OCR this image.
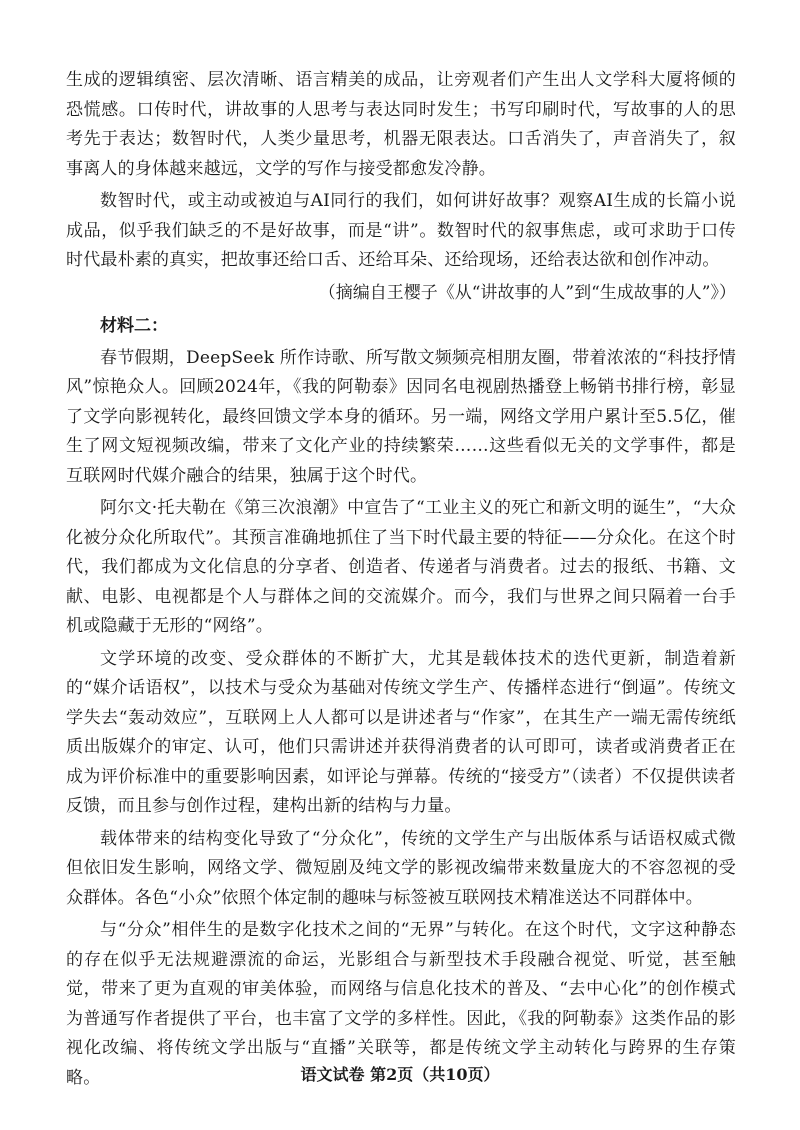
生成的逻辑缜密、层次清晰、语言精美的成品，让旁观者们产生出人文学科大厦将倾的恐慌感。口传时代，讲故事的人思考与表达同时发生；书写印刷时代，写故事的人的思考先于表达；数智时代，人类少量思考，机器无限表达。口舌消失了，声音消失了，叙事离人的身体越来越远，文学的写作与接受都愈发冷静。

数智时代，或主动或被迫与AI同行的我们，如何讲好故事？观察AI生成的长篇小说成品，似乎我们缺乏的不是好故事，而是“讲”。数智时代的叙事焦虑，或可求助于口传时代最朴素的真实，把故事还给口舌、还给耳朵、还给现场，还给表达欲和创作冲动。

（摘编自王樱子《从“讲故事的人”到“生成故事的人”》）

材料二：

春节假期，DeepSeek 所作诗歌、所写散文频频亮相朋友圈，带着浓浓的“科技抒情风”惊艳众人。回顾2024年，《我的阿勒泰》因同名电视剧热播登上畅销书排行榜，彰显了文学向影视转化，最终回馈文学本身的循环。另一端，网络文学用户累计至5.5亿，催生了网文短视频改编，带来了文化产业的持续繁荣……这些看似无关的文学事件，都是互联网时代媒介融合的结果，独属于这个时代。

阿尔文·托夫勒在《第三次浪潮》中宣告了“工业主义的死亡和新文明的诞生”，“大众化被分众化所取代”。其预言准确地抓住了当下时代最主要的特征——分众化。在这个时代，我们都成为文化信息的分享者、创造者、传递者与消费者。过去的报纸、书籍、文献、电影、电视都是个人与群体之间的交流媒介。而今，我们与世界之间只隔着一台手机或隐藏于无形的“网络”。

文学环境的改变、受众群体的不断扩大，尤其是载体技术的迭代更新，制造着新的“媒介话语权”，以技术与受众为基础对传统文学生产、传播样态进行“倒逼”。传统文学失去“轰动效应”，互联网上人人都可以是讲述者与“作家”，在其生产一端无需传统纸质出版媒介的审定、认可，他们只需讲述并获得消费者的认可即可，读者或消费者正在成为评价标准中的重要影响因素，如评论与弹幕。传统的“接受方”（读者）不仅提供读者反馈，而且参与创作过程，建构出新的结构与力量。

载体带来的结构变化导致了“分众化”，传统的文学生产与出版体系与话语权威式微但依旧发生影响，网络文学、微短剧及纯文学的影视改编带来数量庞大的不容忽视的受众群体。各色“小众”依照个体定制的趣味与标签被互联网技术精准送达不同群体中。

与“分众”相伴生的是数字化技术之间的“无界”与转化。在这个时代，文字这种静态的存在似乎无法规避漂流的命运，光影组合与新型技术手段融合视觉、听觉，甚至触觉，带来了更为直观的审美体验，而网络与信息化技术的普及、“去中心化”的创作模式为普通写作者提供了平台，也丰富了文学的多样性。因此，《我的阿勒泰》这类作品的影视化改编、将传统文学出版与“直播”关联等，都是传统文学主动转化与跨界的生存策略。	语文试卷 第2页（共10页）
